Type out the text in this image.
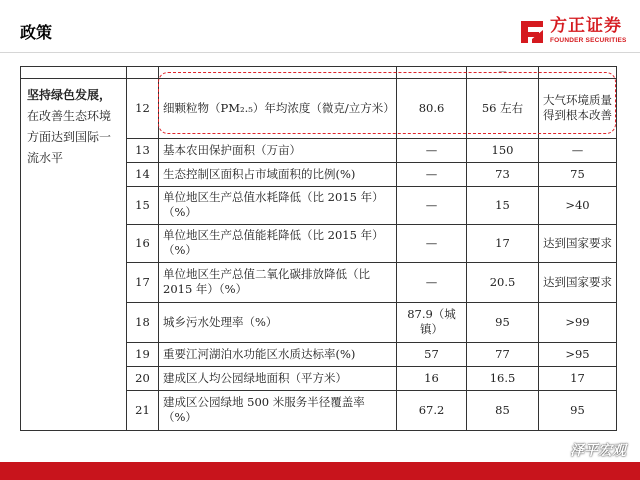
政策	方正证券
FOUNDER SECURITIES
				—	
坚持绿色发展，
在改善生态环境方面达到国际一流水平	12	细颗粒物（PM₂.₅）年均浓度（微克/立方米）	80.6	56 左右	大气环境质量得到根本改善
	13	基本农田保护面积（万亩）	—	150	—
	14	生态控制区面积占市域面积的比例(%)	—	73	75
	15	单位地区生产总值水耗降低（比 2015 年）（%）	—	15	>40
	16	单位地区生产总值能耗降低（比 2015 年）（%）	—	17	达到国家要求
	17	单位地区生产总值二氧化碳排放降低（比 2015 年）（%）	—	20.5	达到国家要求
	18	城乡污水处理率（%）	87.9（城镇）	95	>99
	19	重要江河湖泊水功能区水质达标率(%)	57	77	>95
	20	建成区人均公园绿地面积（平方米）	16	16.5	17
	21	建成区公园绿地 500 米服务半径覆盖率（%）	67.2	85	95
泽平宏观
